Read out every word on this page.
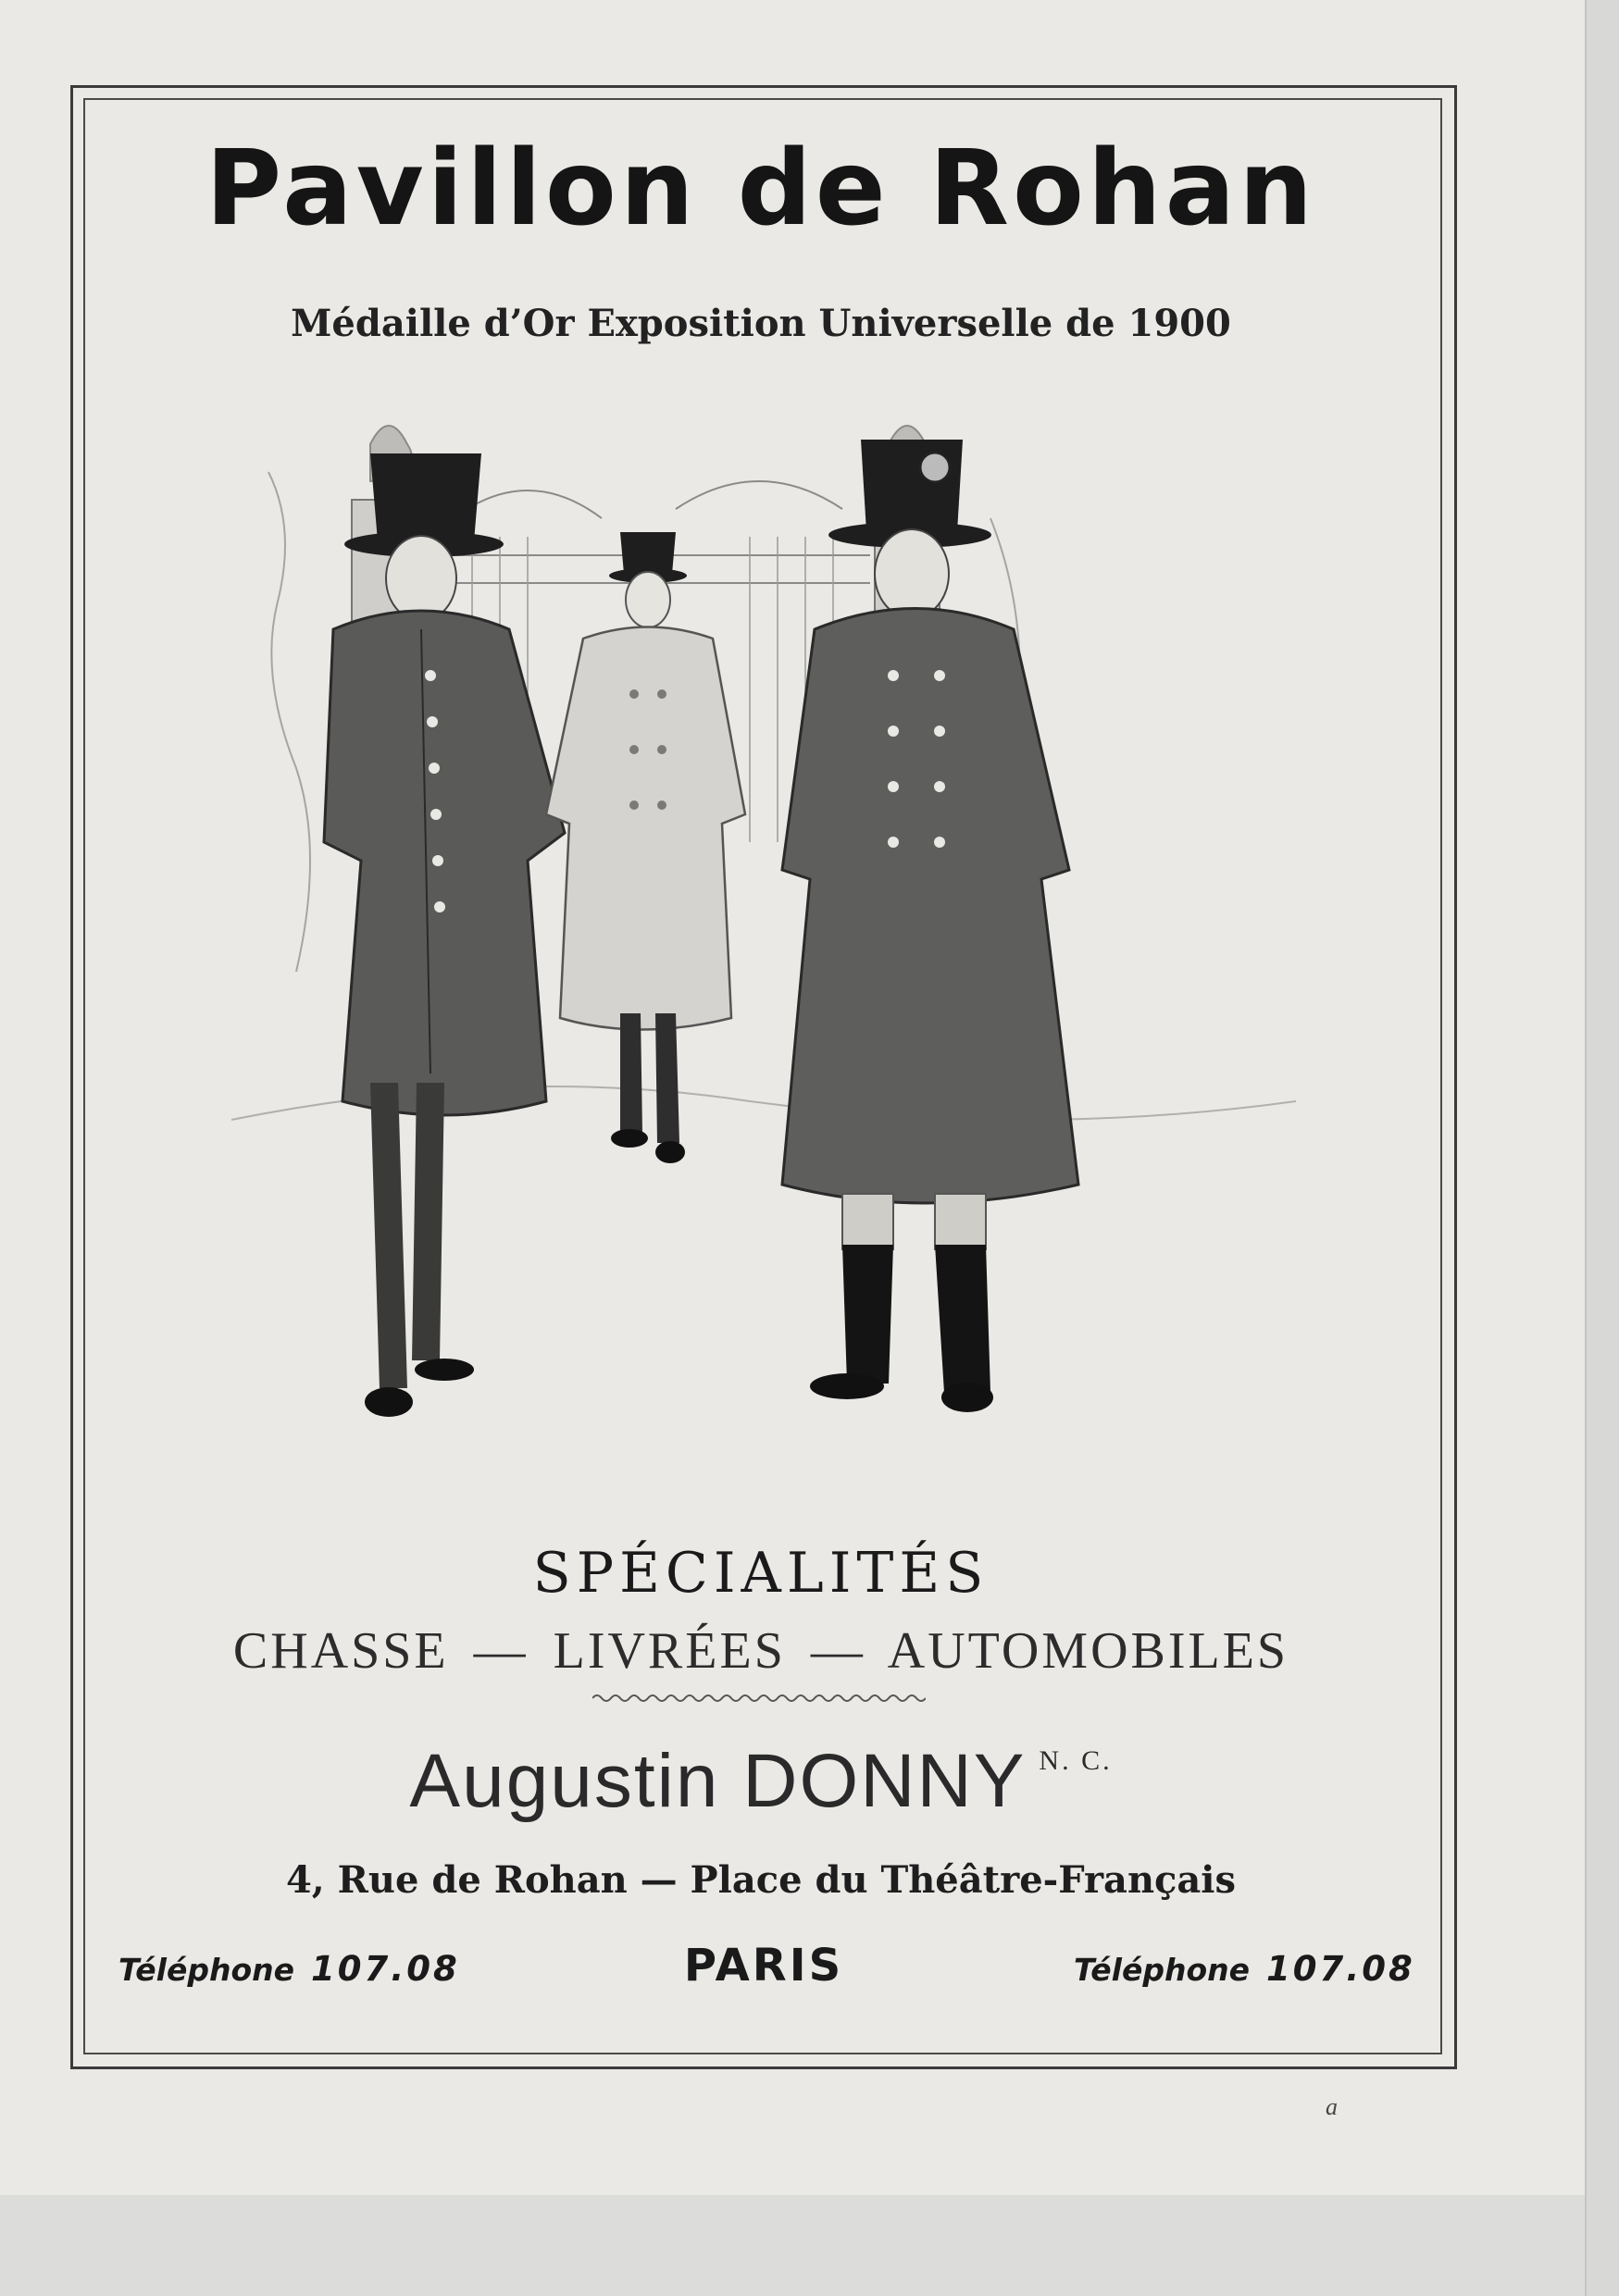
Pavillon de Rohan
Médaille d’Or Exposition Universelle de 1900
SPÉCIALITÉS
CHASSE — LIVRÉES — AUTOMOBILES
Augustin DONNY $^{N. C.}$
4, Rue de Rohan — Place du Théâtre-Français
Téléphone 107.08	PARIS	Téléphone 107.08
a
